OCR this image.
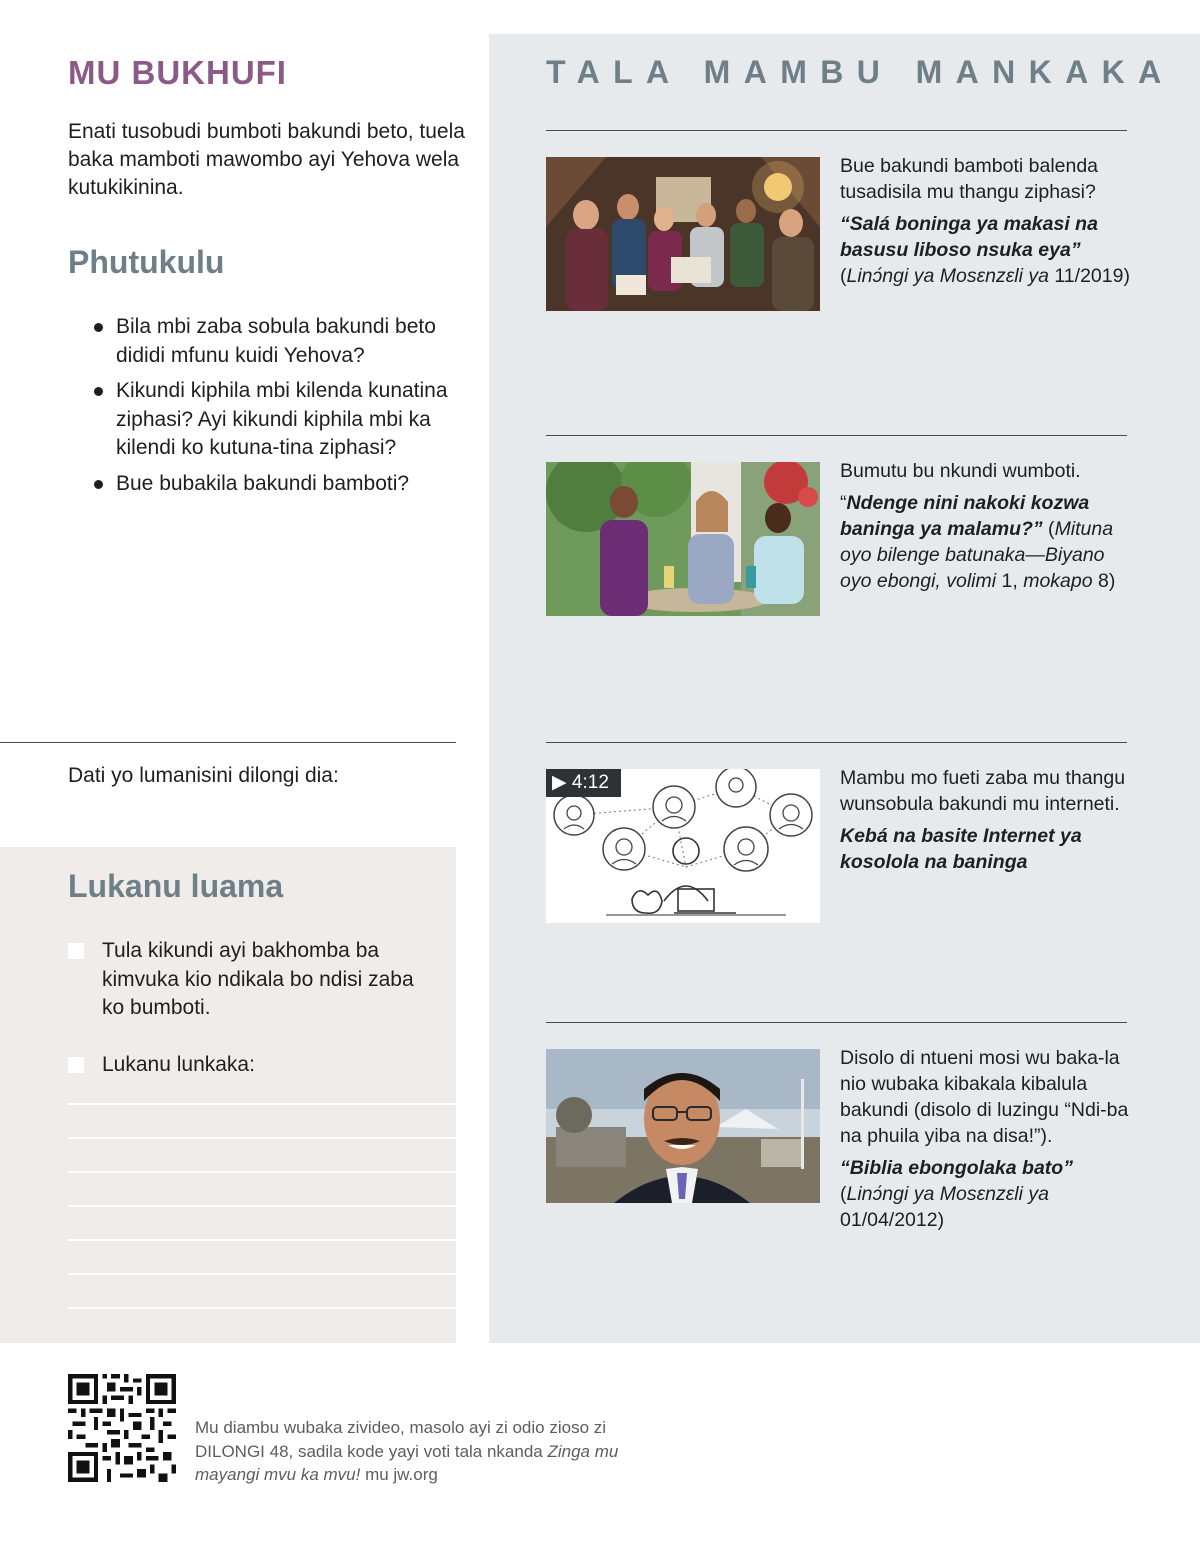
MU BUKHUFI

Enati tusobudi bumboti bakundi beto, tuela baka mamboti mawombo ayi Yehova wela kutukikinina.

Phutukulu
Bila mbi zaba sobula bakundi beto dididi mfunu kuidi Yehova?
Kikundi kiphila mbi kilenda kunatina ziphasi? Ayi kikundi kiphila mbi ka kilendi ko kutuna-tina ziphasi?
Bue bubakila bakundi bamboti?

Dati yo lumanisini dilongi dia:

Lukanu luama
Tula kikundi ayi bakhomba ba kimvuka kio ndikala bo ndisi zaba ko bumboti.
Lukanu lunkaka:
TALA MAMBU MANKAKA

Bue bakundi bamboti balenda tusadisila mu thangu ziphasi?

“Salá boninga ya makasi na basusu liboso nsuka eya”
(Linɔ́ngi ya Mosɛnzɛli ya 11/2019)

Bumutu bu nkundi wumboti.

“Ndenge nini nakoki kozwa baninga ya malamu?” (Mituna oyo bilenge batunaka—Biyano oyo ebongi, volimi 1, mokapo 8)

▶ 4:12	Mambu mo fueti zaba mu thangu wunsobula bakundi mu interneti.

Kebá na basite Internet ya kosolola na baninga

Disolo di ntueni mosi wu baka-la nio wubaka kibakala kibalula bakundi (disolo di luzingu “Ndi-ba na phuila yiba na disa!”).

“Biblia ebongolaka bato”
(Linɔ́ngi ya Mosɛnzɛli ya
01/04/2012)

Mu diambu wubaka zivideo, masolo ayi zi odio zioso zi DILONGI 48, sadila kode yayi voti tala nkanda Zinga mu mayangi mvu ka mvu! mu jw.org
